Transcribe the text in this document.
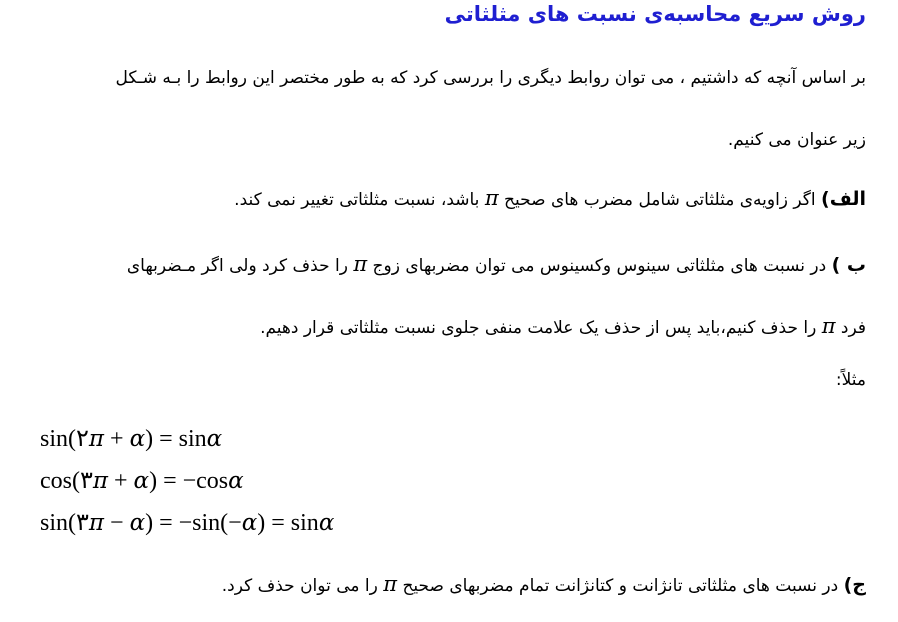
روش سریع محاسبه‌ی نسبت های مثلثاتی
بر اساس آنچه که داشتیم ، می توان روابط دیگری را بررسی کرد که به طور مختصر این روابط را بـه شـکل
زیر عنوان می کنیم.
الف) اگر زاویه‌ی مثلثاتی شامل مضرب های صحیح π باشد، نسبت مثلثاتی تغییر نمی کند.
ب ) در نسبت های مثلثاتی سینوس وکسینوس می توان مضربهای زوج π را حذف کرد ولی اگر مـضربهای
فرد π را حذف کنیم،باید پس از حذف یک علامت منفی جلوی نسبت مثلثاتی قرار دهیم.
مثلاً:
sin(٢π + α) = sinα
cos(٣π + α) = −cosα
sin(٣π − α) = −sin(−α) = sinα
ج) در نسبت های مثلثاتی تانژانت و کتانژانت تمام مضربهای صحیح π را می توان حذف کرد.
